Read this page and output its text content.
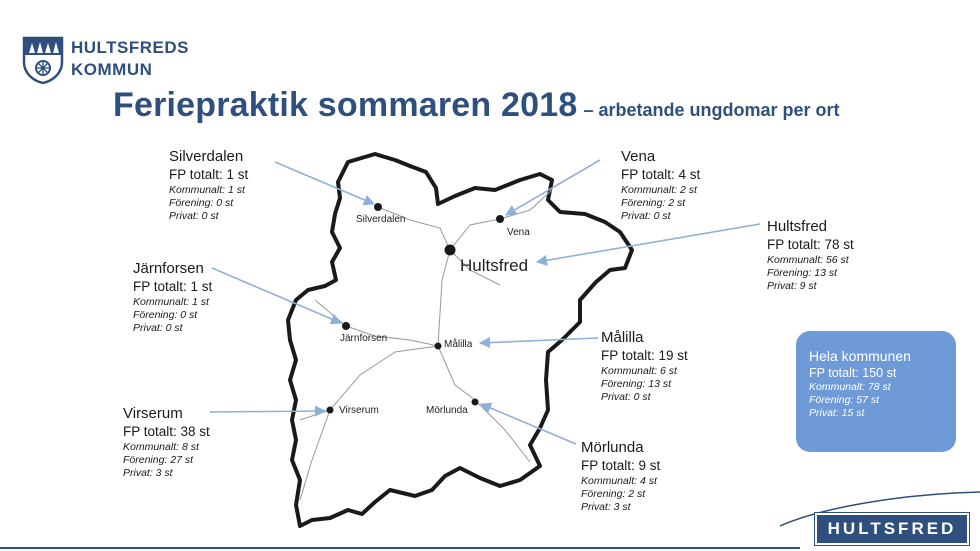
HULTSFREDS
KOMMUN
Feriepraktik sommaren 2018 – arbetande ungdomar per ort
Silverdalen
Vena
Hultsfred
Järnforsen
Målilla
Virserum	Mörlunda
Silverdalen
FP totalt: 1 st
Kommunalt: 1 st
Förening: 0 st
Privat: 0 st
Vena
FP totalt: 4 st
Kommunalt: 2 st
Förening: 2 st
Privat: 0 st
Hultsfred
FP totalt: 78 st
Kommunalt: 56 st
Förening: 13 st
Privat: 9 st
Järnforsen
FP totalt: 1 st
Kommunalt: 1 st
Förening: 0 st
Privat: 0 st
Målilla
FP totalt: 19 st
Kommunalt: 6 st
Förening: 13 st
Privat: 0 st
Virserum
FP totalt: 38 st
Kommunalt: 8 st
Förening: 27 st
Privat: 3 st
Mörlunda
FP totalt: 9 st
Kommunalt: 4 st
Förening: 2 st
Privat: 3 st
Hela kommunen
FP totalt: 150 st
Kommunalt: 78 st
Förening: 57 st
Privat: 15 st
HULTSFRED
